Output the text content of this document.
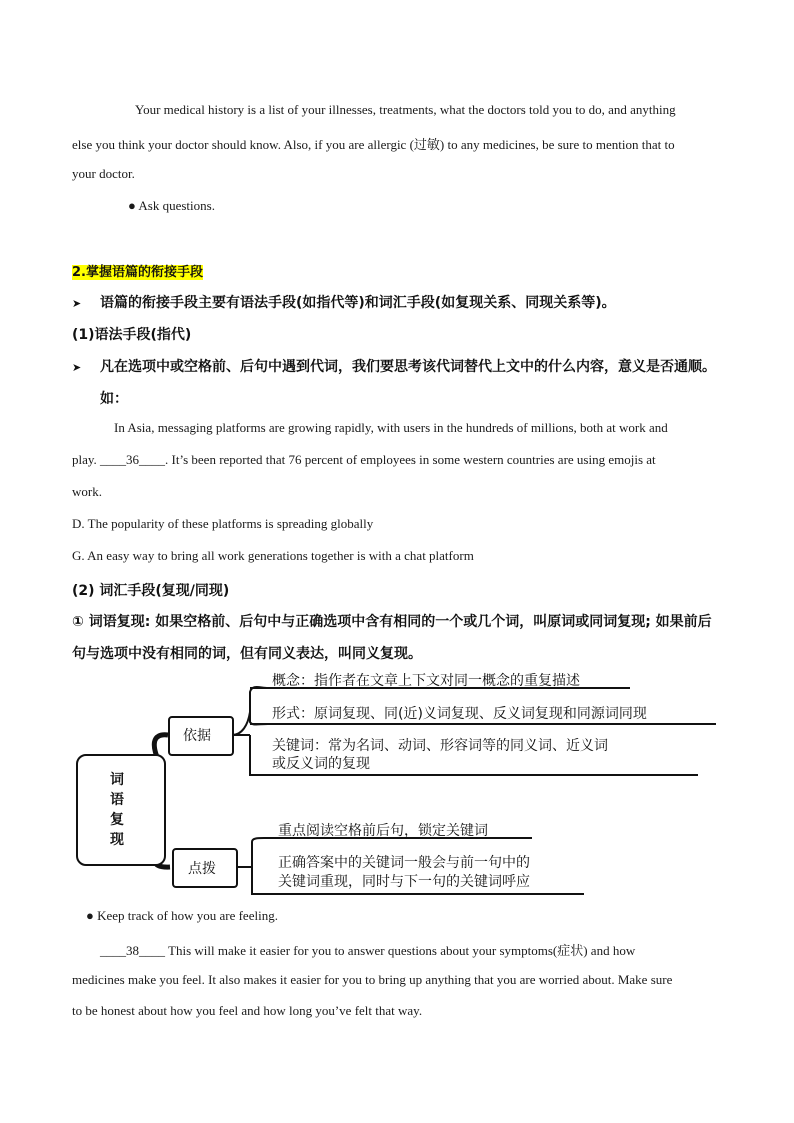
Your medical history is a list of your illnesses, treatments, what the doctors told you to do, and anything
else you think your doctor should know. Also, if you are allergic (过敏) to any medicines, be sure to mention that to
your doctor.
● Ask questions.
2.掌握语篇的衔接手段
➤ 语篇的衔接手段主要有语法手段(如指代等)和词汇手段(如复现关系、同现关系等)。
(1)语法手段(指代)
➤ 凡在选项中或空格前、后句中遇到代词，我们要思考该代词替代上文中的什么内容，意义是否通顺。
如：
In Asia, messaging platforms are growing rapidly, with users in the hundreds of millions, both at work and
play. ____36____. It’s been reported that 76 percent of employees in some western countries are using emojis at
work.
D. The popularity of these platforms is spreading globally
G. An easy way to bring all work generations together is with a chat platform
(2) 词汇手段(复现/同现)
① 词语复现: 如果空格前、后句中与正确选项中含有相同的一个或几个词，叫原词或同词复现; 如果前后
句与选项中没有相同的词，但有同义表达，叫同义复现。
词
语
复
现
依据
点拨
概念：指作者在文章上下文对同一概念的重复描述
形式：原词复现、同(近)义词复现、反义词复现和同源词同现
关键词：常为名词、动词、形容词等的同义词、近义词
或反义词的复现
重点阅读空格前后句，锁定关键词
正确答案中的关键词一般会与前一句中的
关键词重现，同时与下一句的关键词呼应
● Keep track of how you are feeling.
____38____ This will make it easier for you to answer questions about your symptoms(症状) and how
medicines make you feel. It also makes it easier for you to bring up anything that you are worried about. Make sure
to be honest about how you feel and how long you’ve felt that way.
